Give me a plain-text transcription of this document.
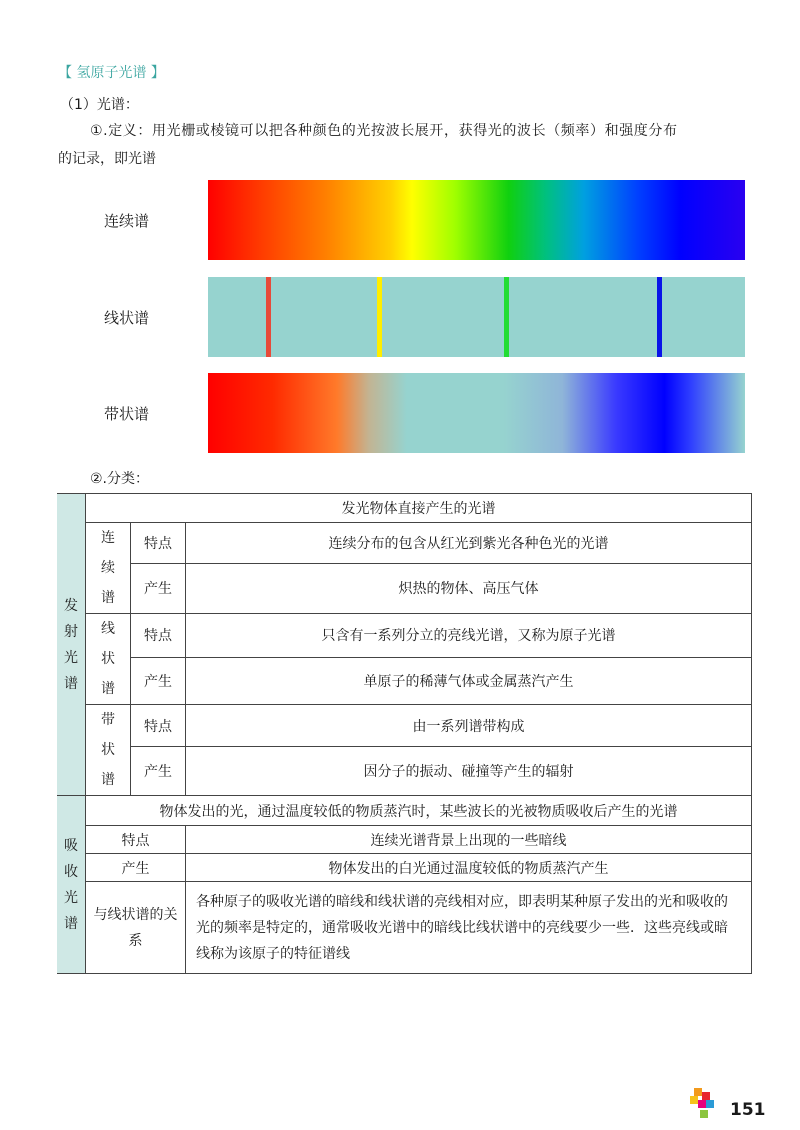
【 氢原子光谱 】
（1）光谱：
①.定义：用光栅或棱镜可以把各种颜色的光按波长展开，获得光的波长（频率）和强度分布
的记录，即光谱
连续谱
线状谱
带状谱
②.分类：
发射光谱	发光物体直接产生的光谱		
	连续谱	特点	连续分布的包含从红光到紫光各种色光的光谱
		产生	炽热的物体、高压气体
	线状谱	特点	只含有一系列分立的亮线光谱，又称为原子光谱
		产生	单原子的稀薄气体或金属蒸汽产生
	带状谱	特点	由一系列谱带构成
		产生	因分子的振动、碰撞等产生的辐射
吸收光谱	物体发出的光，通过温度较低的物质蒸汽时，某些波长的光被物质吸收后产生的光谱		
	特点		连续光谱背景上出现的一些暗线
	产生		物体发出的白光通过温度较低的物质蒸汽产生
	与线状谱的关系		各种原子的吸收光谱的暗线和线状谱的亮线相对应，即表明某种原子发出的光和吸收的光的频率是特定的，通常吸收光谱中的暗线比线状谱中的亮线要少一些．这些亮线或暗线称为该原子的特征谱线
151
